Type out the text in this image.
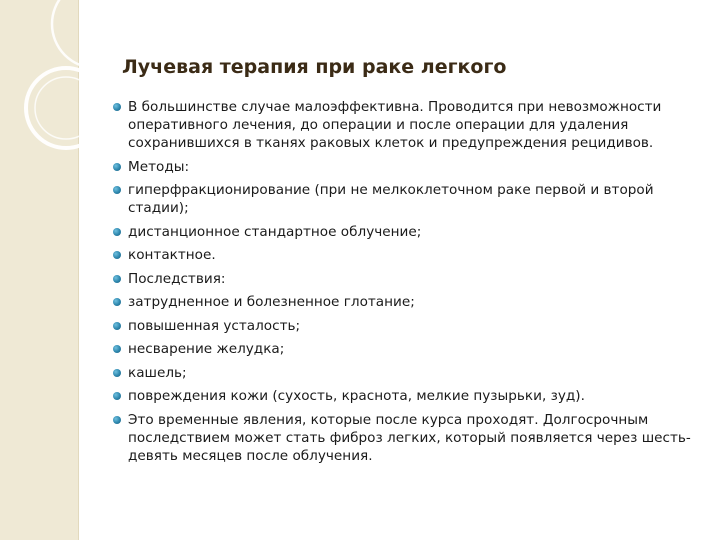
Лучевая терапия при раке легкого
В большинстве случае малоэффективна. Проводится при невозможности оперативного лечения, до операции и после операции для удаления сохранившихся в тканях раковых клеток и предупреждения рецидивов.
Методы:
гиперфракционирование (при не мелкоклеточном раке первой и второй стадии);
дистанционное стандартное облучение;
контактное.
Последствия:
затрудненное и болезненное глотание;
повышенная усталость;
несварение желудка;
кашель;
повреждения кожи (сухость, краснота, мелкие пузырьки, зуд).
Это временные явления, которые после курса проходят. Долгосрочным последствием может стать фиброз легких, который появляется через шесть-девять месяцев после облучения.
